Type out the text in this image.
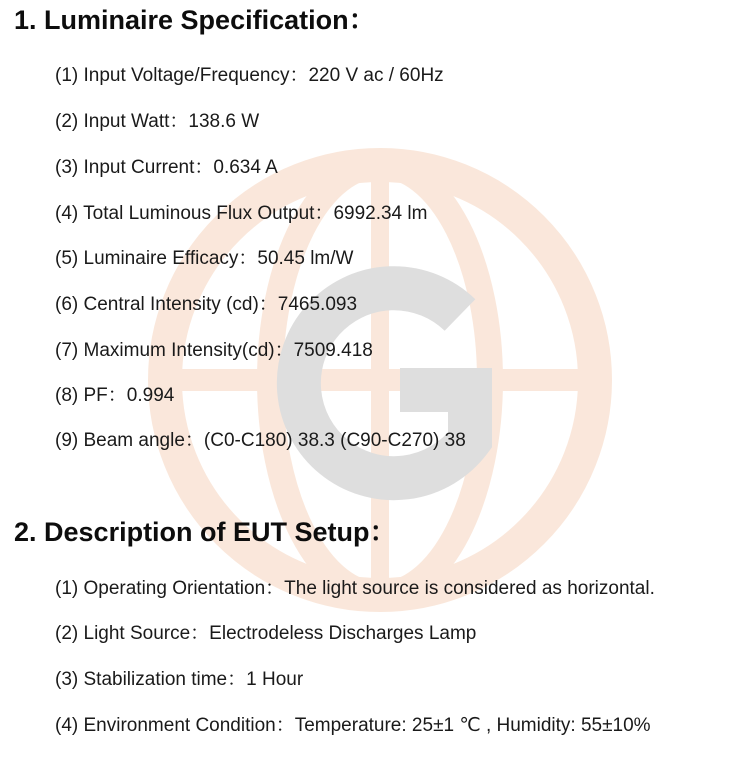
1. Luminaire Specification：
(1) Input Voltage/Frequency：220 V ac / 60Hz
(2) Input Watt：138.6 W
(3) Input Current：0.634 A
(4) Total Luminous Flux Output：6992.34 lm
(5) Luminaire Efficacy：50.45 lm/W
(6) Central Intensity (cd)：7465.093
(7) Maximum Intensity(cd)：7509.418
(8) PF：0.994
(9) Beam angle：(C0-C180) 38.3 (C90-C270) 38
2. Description of EUT Setup：
(1) Operating Orientation：The light source is considered as horizontal.
(2) Light Source：Electrodeless Discharges Lamp
(3) Stabilization time：1 Hour
(4) Environment Condition：Temperature: 25±1 ℃ , Humidity: 55±10%
